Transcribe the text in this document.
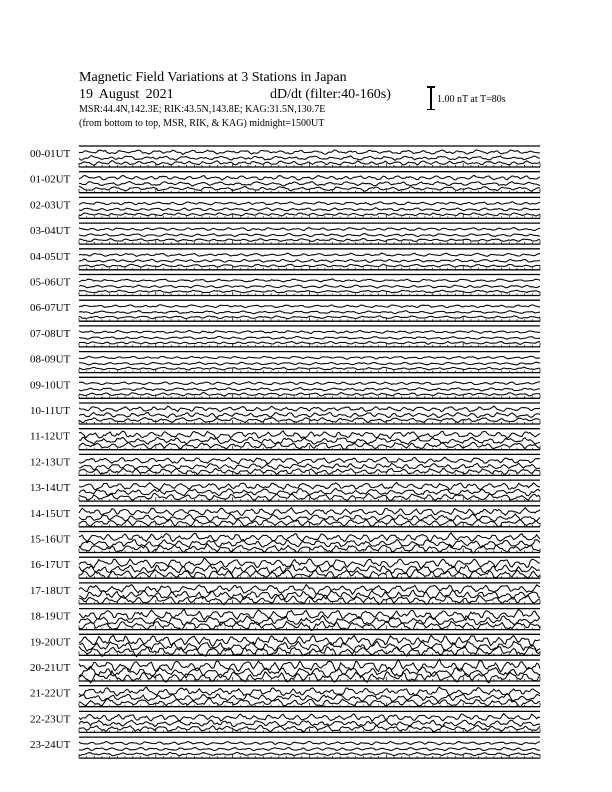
Magnetic Field Variations at 3 Stations in Japan
19 August 2021	dD/dt (filter:40-160s)
MSR:44.4N,142.3E; RIK:43.5N,143.8E; KAG:31.5N,130.7E
(from bottom to top, MSR, RIK, & KAG) midnight=1500UT
1.00 nT at T=80s
00-01UT
01-02UT
02-03UT
03-04UT
04-05UT
05-06UT
06-07UT
07-08UT
08-09UT
09-10UT
10-11UT
11-12UT
12-13UT
13-14UT
14-15UT
15-16UT
16-17UT
17-18UT
18-19UT
19-20UT
20-21UT
21-22UT
22-23UT
23-24UT
